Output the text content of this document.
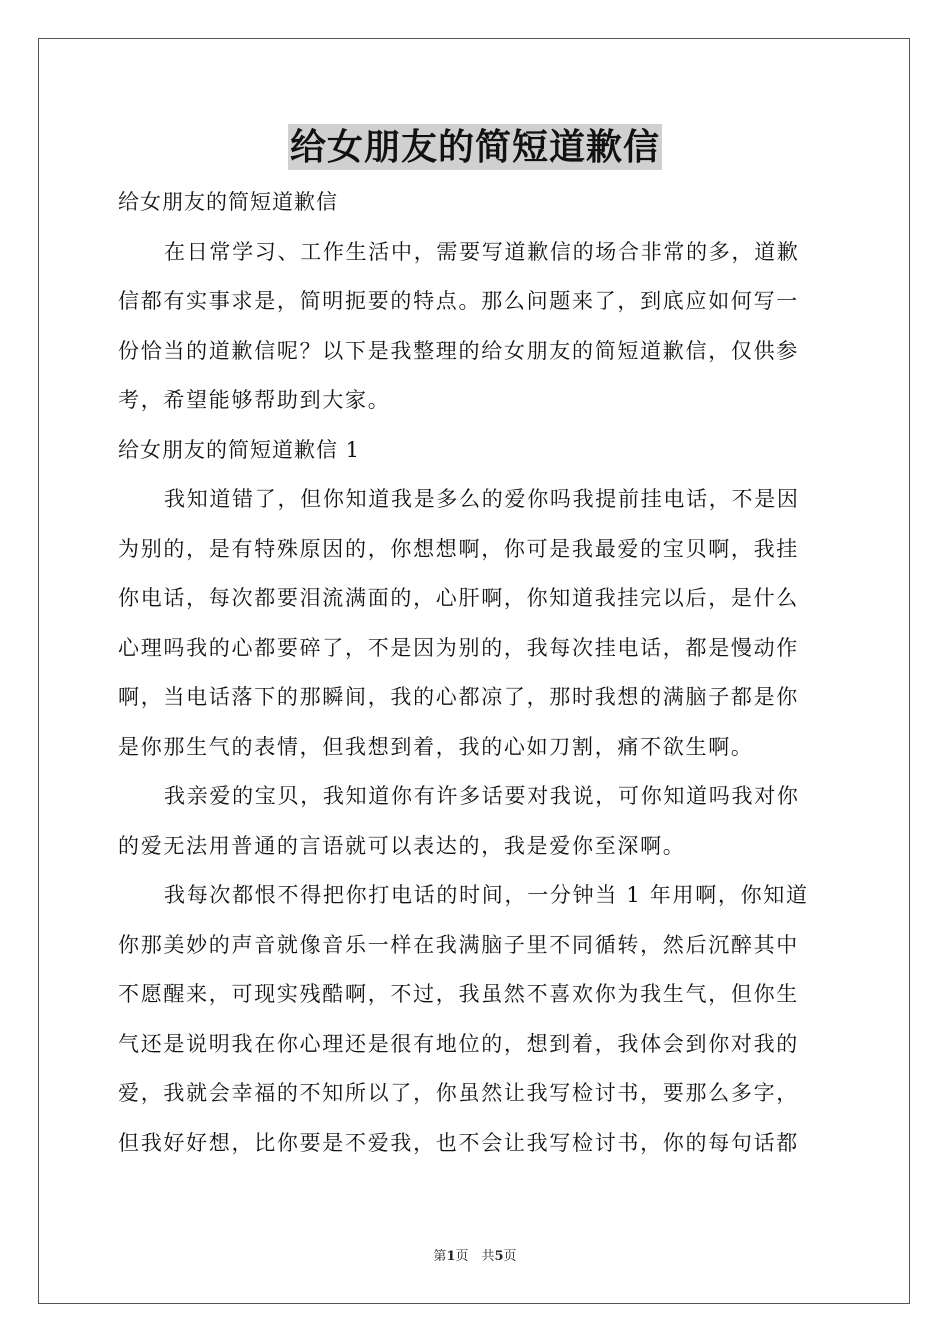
给女朋友的简短道歉信

给女朋友的简短道歉信

在日常学习、工作生活中，需要写道歉信的场合非常的多，道歉

信都有实事求是，简明扼要的特点。那么问题来了，到底应如何写一

份恰当的道歉信呢？以下是我整理的给女朋友的简短道歉信，仅供参

考，希望能够帮助到大家。

给女朋友的简短道歉信 1

我知道错了，但你知道我是多么的爱你吗我提前挂电话，不是因

为别的，是有特殊原因的，你想想啊，你可是我最爱的宝贝啊，我挂

你电话，每次都要泪流满面的，心肝啊，你知道我挂完以后，是什么

心理吗我的心都要碎了，不是因为别的，我每次挂电话，都是慢动作

啊，当电话落下的那瞬间，我的心都凉了，那时我想的满脑子都是你

是你那生气的表情，但我想到着，我的心如刀割，痛不欲生啊。

我亲爱的宝贝，我知道你有许多话要对我说，可你知道吗我对你

的爱无法用普通的言语就可以表达的，我是爱你至深啊。

我每次都恨不得把你打电话的时间，一分钟当 1 年用啊，你知道

你那美妙的声音就像音乐一样在我满脑子里不同循转，然后沉醉其中

不愿醒来，可现实残酷啊，不过，我虽然不喜欢你为我生气，但你生

气还是说明我在你心理还是很有地位的，想到着，我体会到你对我的

爱，我就会幸福的不知所以了，你虽然让我写检讨书，要那么多字，

但我好好想，比你要是不爱我，也不会让我写检讨书，你的每句话都

第1页　共5页
